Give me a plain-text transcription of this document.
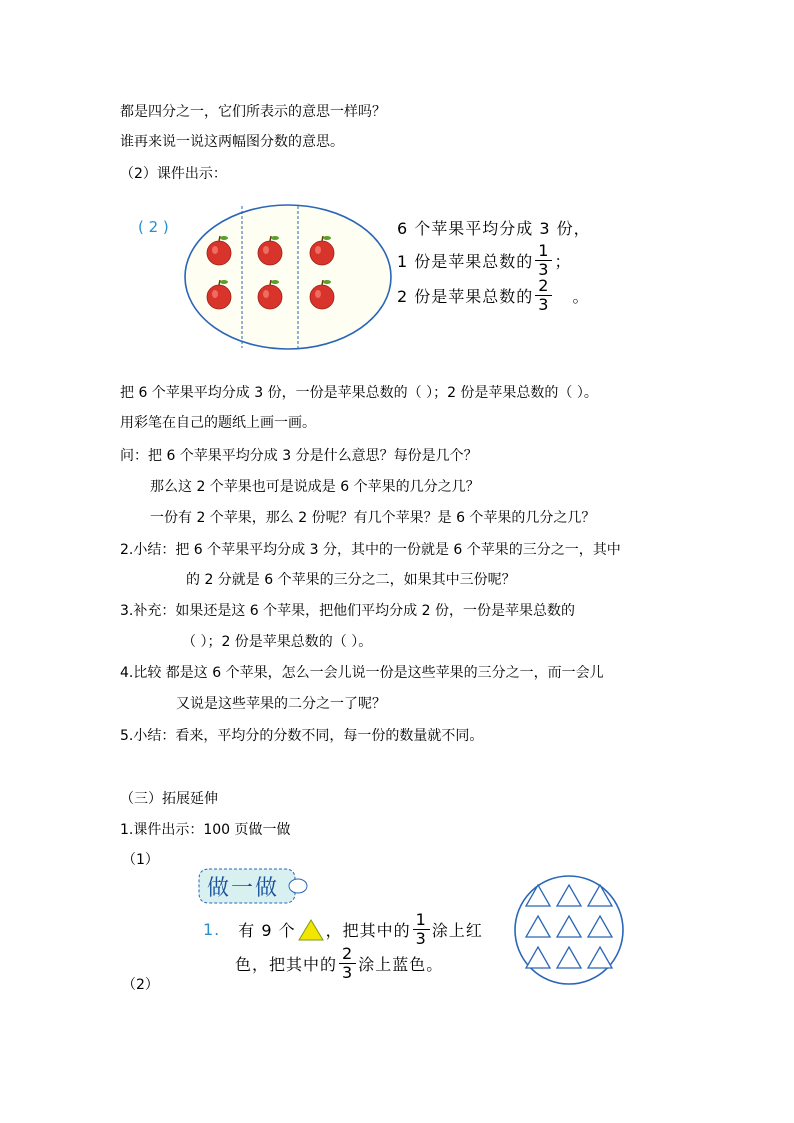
都是四分之一，它们所表示的意思一样吗？
谁再来说一说这两幅图分数的意思。
（2）课件出示：
( 2 )	6 个苹果平均分成 3 份，
1 份是苹果总数的 $\frac{1}{3}$ ；
2 份是苹果总数的 $\frac{2}{3}$ 。
把 6 个苹果平均分成 3 份，一份是苹果总数的（ ）；2 份是苹果总数的（ ）。
用彩笔在自己的题纸上画一画。
问：把 6 个苹果平均分成 3 分是什么意思？每份是几个？
那么这 2 个苹果也可是说成是 6 个苹果的几分之几？
一份有 2 个苹果，那么 2 份呢？有几个苹果？是 6 个苹果的几分之几？
2.小结：把 6 个苹果平均分成 3 分，其中的一份就是 6 个苹果的三分之一，其中
的 2 分就是 6 个苹果的三分之二，如果其中三份呢？
3.补充：如果还是这 6 个苹果，把他们平均分成 2 份，一份是苹果总数的
（ ）；2 份是苹果总数的（ ）。
4.比较 都是这 6 个苹果，怎么一会儿说一份是这些苹果的三分之一，而一会儿
又说是这些苹果的二分之一了呢？
5.小结：看来，平均分的分数不同，每一份的数量就不同。
（三）拓展延伸
1.课件出示：100 页做一做
（1）
做一做
1. 有 9 个 ，把其中的 $\frac{1}{3}$ 涂上红
色，把其中的 $\frac{2}{3}$ 涂上蓝色。
（2）
